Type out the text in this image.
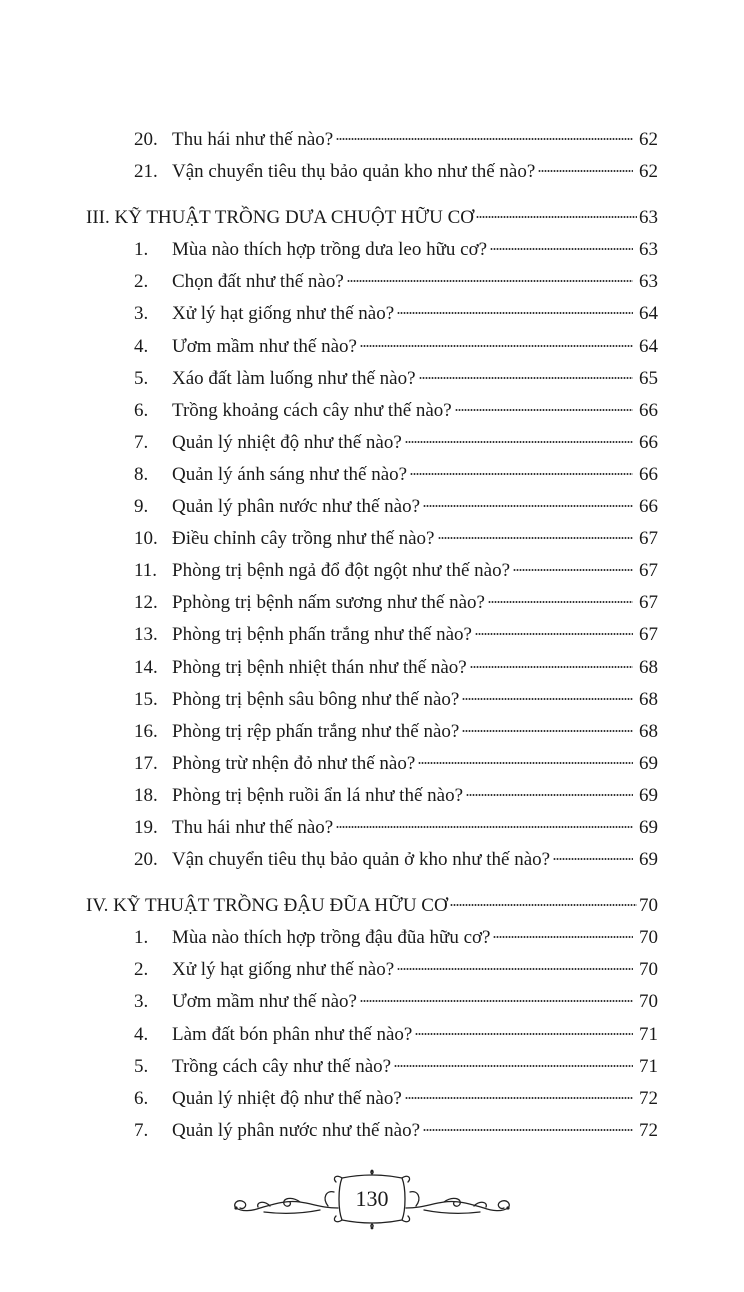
20. Thu hái như thế nào?	62
21. Vận chuyển tiêu thụ bảo quản kho như thế nào?	62
III. KỸ THUẬT TRỒNG DƯA CHUỘT HỮU CƠ	63
1.	Mùa nào thích hợp trồng dưa leo hữu cơ?	63
2.	Chọn đất như thế nào?	63
3.	Xử lý hạt giống như thế nào?	64
4.	Ươm mầm như thế nào?	64
5.	Xáo đất làm luống như thế nào?	65
6.	Trồng khoảng cách cây như thế nào?	66
7.	Quản lý nhiệt độ như thế nào?	66
8.	Quản lý ánh sáng như thế nào?	66
9.	Quản lý phân nước như thế nào?	66
10. Điều chỉnh cây trồng như thế nào?	67
11. Phòng trị bệnh ngả đổ đột ngột như thế nào?	67
12. Pphòng trị bệnh nấm sương như thế nào?	67
13. Phòng trị bệnh phấn trắng như thế nào?	67
14. Phòng trị bệnh nhiệt thán như thế nào?	68
15. Phòng trị bệnh sâu bông như thế nào?	68
16. Phòng trị rệp phấn trắng như thế nào?	68
17. Phòng trừ nhện đỏ như thế nào?	69
18. Phòng trị bệnh ruồi ẩn lá như thế nào?	69
19. Thu hái như thế nào?	69
20. Vận chuyển tiêu thụ bảo quản ở kho như thế nào?	69
IV. KỸ THUẬT TRỒNG ĐẬU ĐŨA HỮU CƠ	70
1.	Mùa nào thích hợp trồng đậu đũa hữu cơ?	70
2.	Xử lý hạt giống như thế nào?	70
3.	Ươm mầm như thế nào?	70
4.	Làm đất bón phân như thế nào?	71
5.	Trồng cách cây như thế nào?	71
6.	Quản lý nhiệt độ như thế nào?	72
7.	Quản lý phân nước như thế nào?	72
130
